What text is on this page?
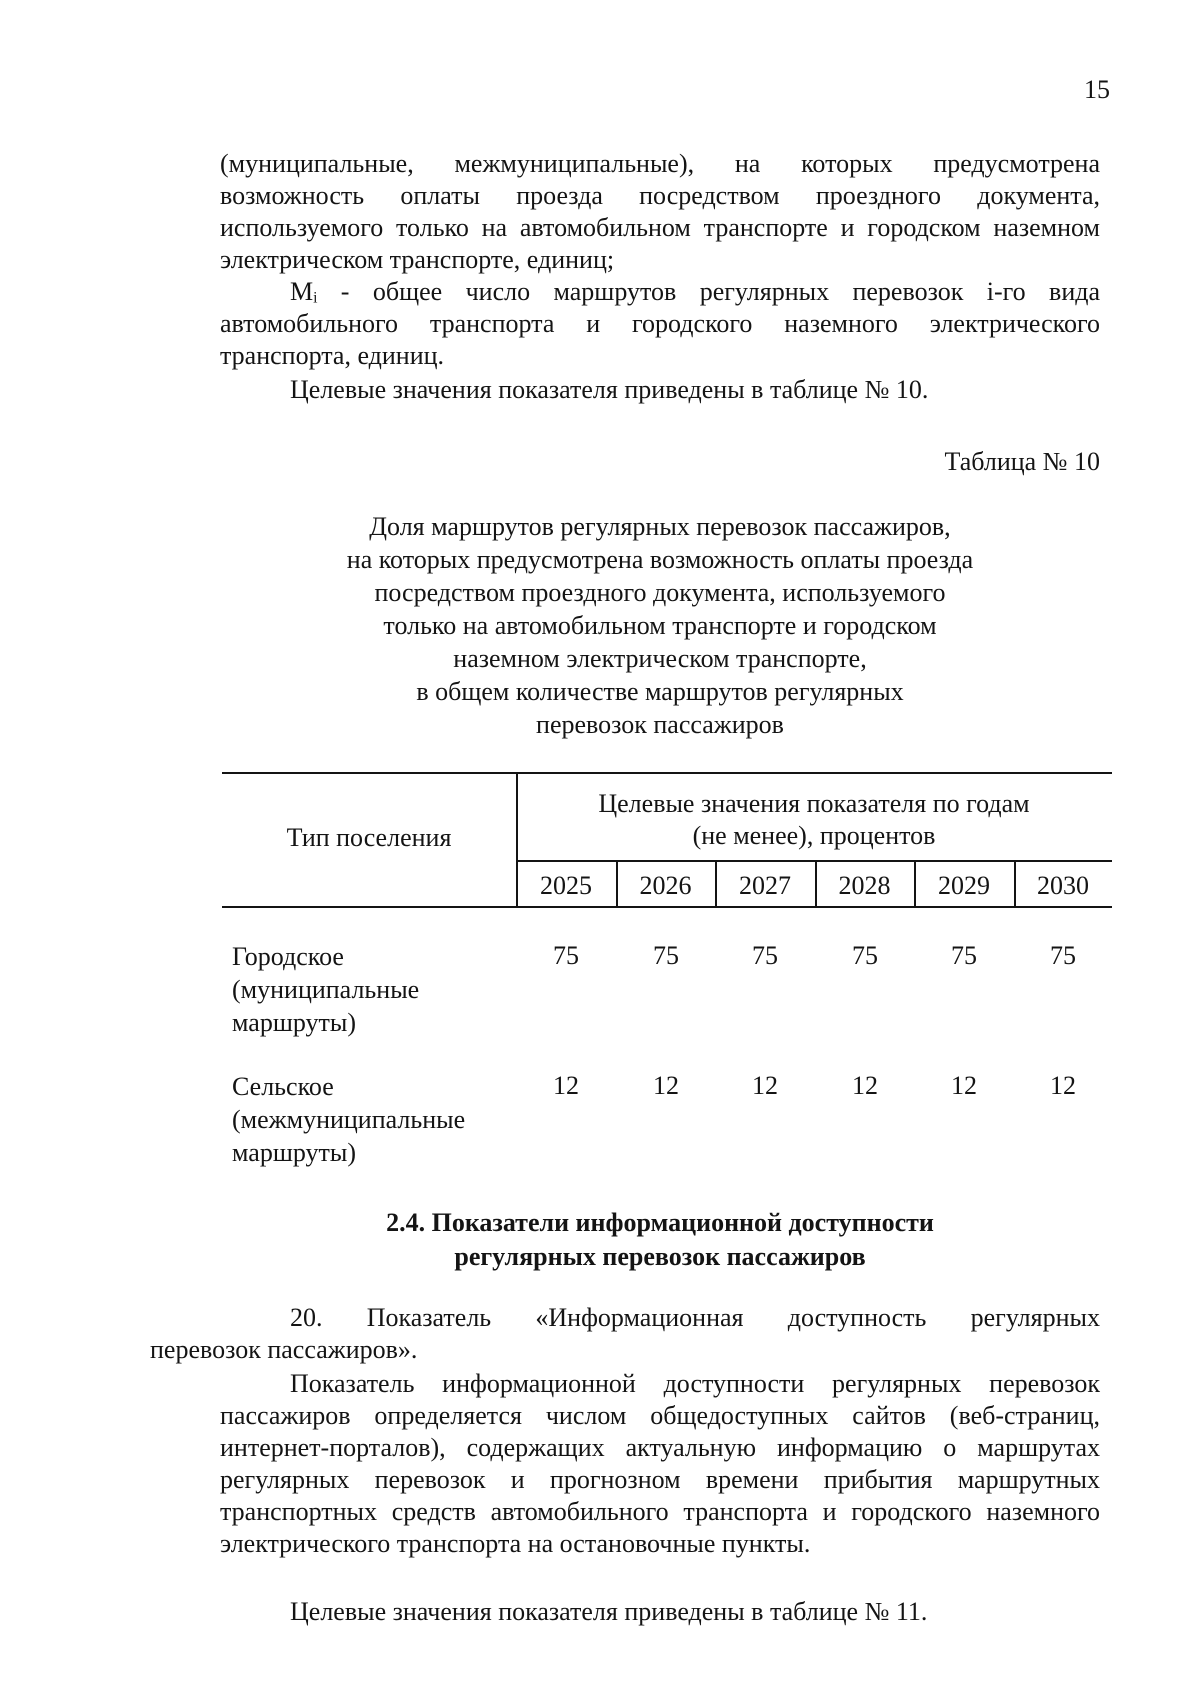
15

(муниципальные, межмуниципальные), на которых предусмотрена возможность оплаты проезда посредством проездного документа, используемого только на автомобильном транспорте и городском наземном электрическом транспорте, единиц;

Mᵢ - общее число маршрутов регулярных перевозок i-го вида автомобильного транспорта и городского наземного электрического транспорта, единиц.

Целевые значения показателя приведены в таблице № 10.

Таблица № 10
Доля маршрутов регулярных перевозок пассажиров,
на которых предусмотрена возможность оплаты проезда
посредством проездного документа, используемого
только на автомобильном транспорте и городском
наземном электрическом транспорте,
в общем количестве маршрутов регулярных
перевозок пассажиров
Тип поселения
Целевые значения показателя по годам
(не менее), процентов
2025	2026	2027	2028	2029	2030
Городское
(муниципальные
маршруты)
75	75	75	75	75	75
Сельское
(межмуниципальные
маршруты)
12	12	12	12	12	12
2.4. Показатели информационной доступности
регулярных перевозок пассажиров
20. Показатель «Информационная доступность регулярных
перевозок пассажиров».

Показатель информационной доступности регулярных перевозок пассажиров определяется числом общедоступных сайтов (веб-страниц, интернет-порталов), содержащих актуальную информацию о маршрутах регулярных перевозок и прогнозном времени прибытия маршрутных транспортных средств автомобильного транспорта и городского наземного электрического транспорта на остановочные пункты.

Целевые значения показателя приведены в таблице № 11.
